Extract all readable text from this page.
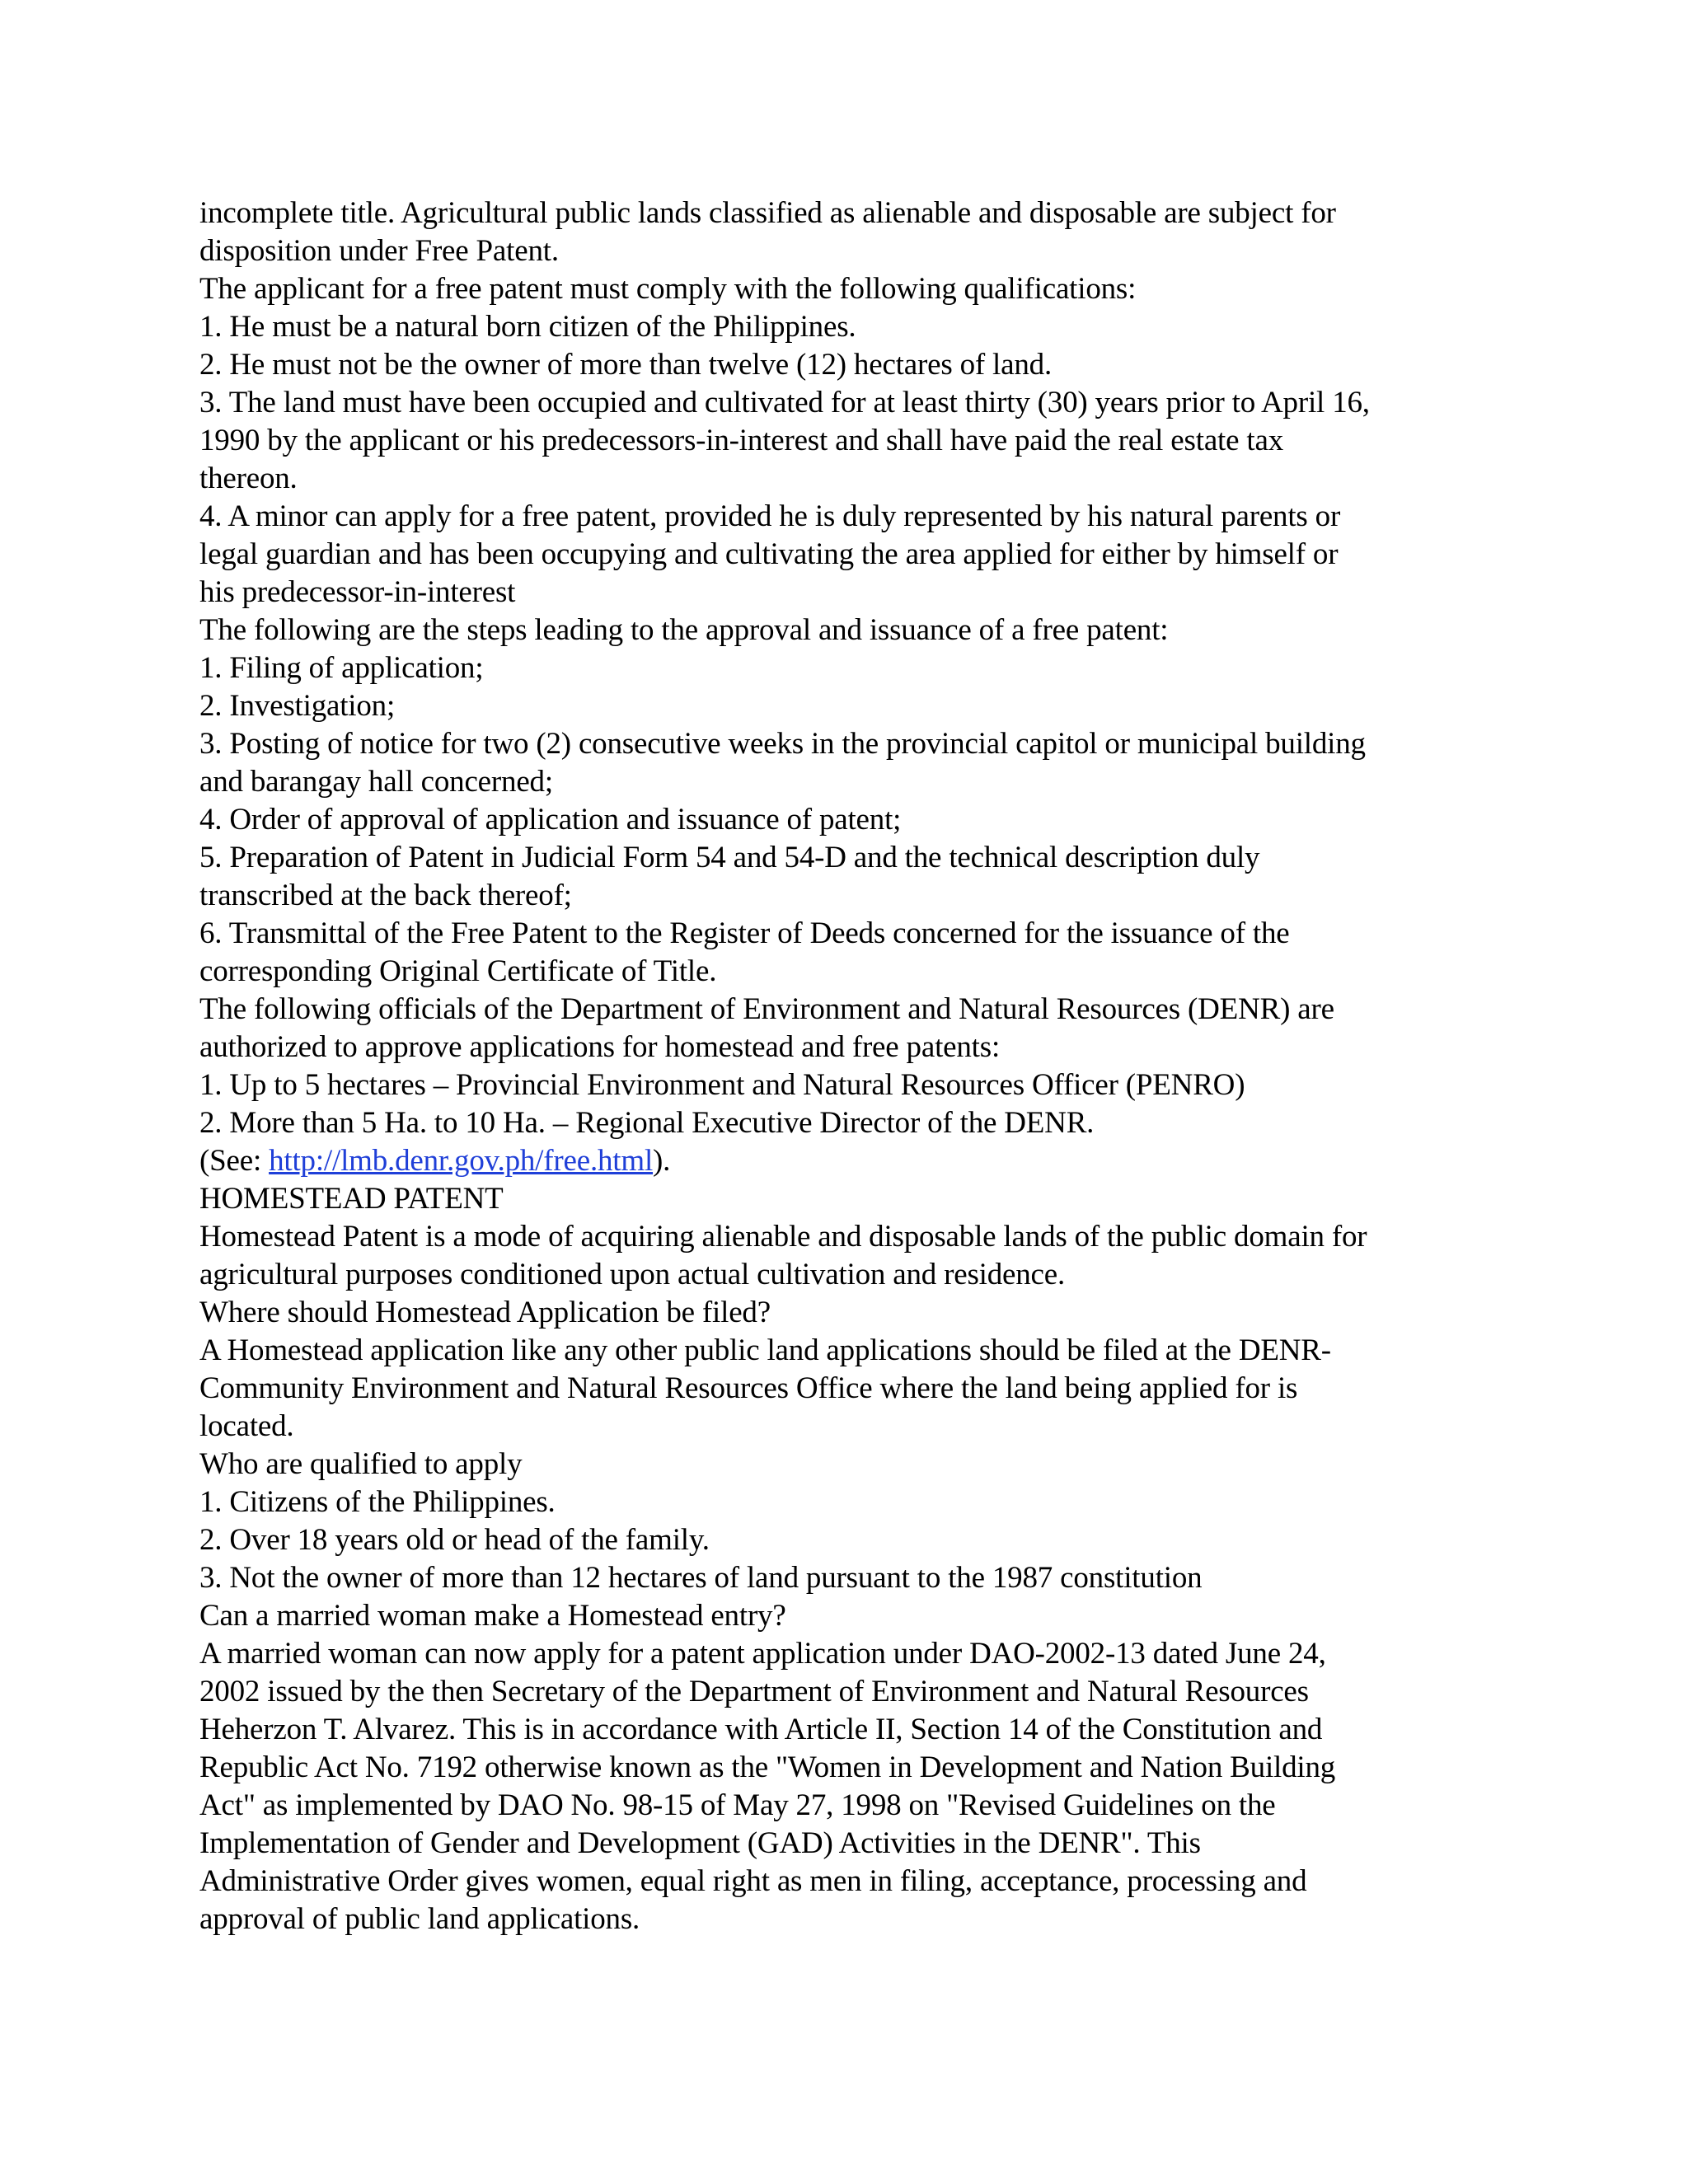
incomplete title. Agricultural public lands classified as alienable and disposable are subject for
disposition under Free Patent.
The applicant for a free patent must comply with the following qualifications:
1. He must be a natural born citizen of the Philippines.
2. He must not be the owner of more than twelve (12) hectares of land.
3. The land must have been occupied and cultivated for at least thirty (30) years prior to April 16,
1990 by the applicant or his predecessors-in-interest and shall have paid the real estate tax
thereon.
4. A minor can apply for a free patent, provided he is duly represented by his natural parents or
legal guardian and has been occupying and cultivating the area applied for either by himself or
his predecessor-in-interest
The following are the steps leading to the approval and issuance of a free patent:
1. Filing of application;
2. Investigation;
3. Posting of notice for two (2) consecutive weeks in the provincial capitol or municipal building
and barangay hall concerned;
4. Order of approval of application and issuance of patent;
5. Preparation of Patent in Judicial Form 54 and 54-D and the technical description duly
transcribed at the back thereof;
6. Transmittal of the Free Patent to the Register of Deeds concerned for the issuance of the
corresponding Original Certificate of Title.
The following officials of the Department of Environment and Natural Resources (DENR) are
authorized to approve applications for homestead and free patents:
1. Up to 5 hectares – Provincial Environment and Natural Resources Officer (PENRO)
2. More than 5 Ha. to 10 Ha. – Regional Executive Director of the DENR.
(See: http://lmb.denr.gov.ph/free.html).
HOMESTEAD PATENT
Homestead Patent is a mode of acquiring alienable and disposable lands of the public domain for
agricultural purposes conditioned upon actual cultivation and residence.
Where should Homestead Application be filed?
A Homestead application like any other public land applications should be filed at the DENR-
Community Environment and Natural Resources Office where the land being applied for is
located.
Who are qualified to apply
1. Citizens of the Philippines.
2. Over 18 years old or head of the family.
3. Not the owner of more than 12 hectares of land pursuant to the 1987 constitution
Can a married woman make a Homestead entry?
A married woman can now apply for a patent application under DAO-2002-13 dated June 24,
2002 issued by the then Secretary of the Department of Environment and Natural Resources
Heherzon T. Alvarez. This is in accordance with Article II, Section 14 of the Constitution and
Republic Act No. 7192 otherwise known as the "Women in Development and Nation Building
Act" as implemented by DAO No. 98-15 of May 27, 1998 on "Revised Guidelines on the
Implementation of Gender and Development (GAD) Activities in the DENR". This
Administrative Order gives women, equal right as men in filing, acceptance, processing and
approval of public land applications.
